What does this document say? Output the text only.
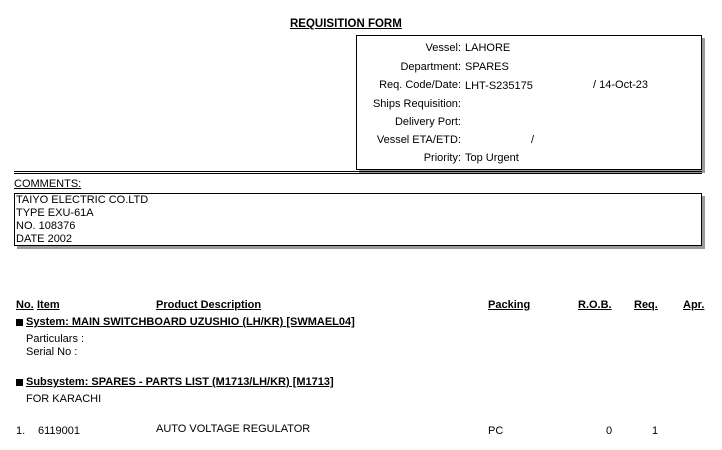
REQUISITION FORM
Vessel: LAHORE
Department: SPARES
Req. Code/Date: LHT-S235175	/ 14-Oct-23
Ships Requisition:
Delivery Port:
Vessel ETA/ETD:	/
Priority: Top Urgent
COMMENTS:
TAIYO ELECTRIC CO.LTD
TYPE EXU-61A
NO. 108376
DATE 2002
No. Item	Product Description	Packing	R.O.B. Req. Apr.
System: MAIN SWITCHBOARD UZUSHIO (LH/KR) [SWMAEL04]
Particulars :
Serial No :
Subsystem: SPARES - PARTS LIST (M1713/LH/KR) [M1713]
FOR KARACHI
1. 6119001	AUTO VOLTAGE REGULATOR	PC	0	1
